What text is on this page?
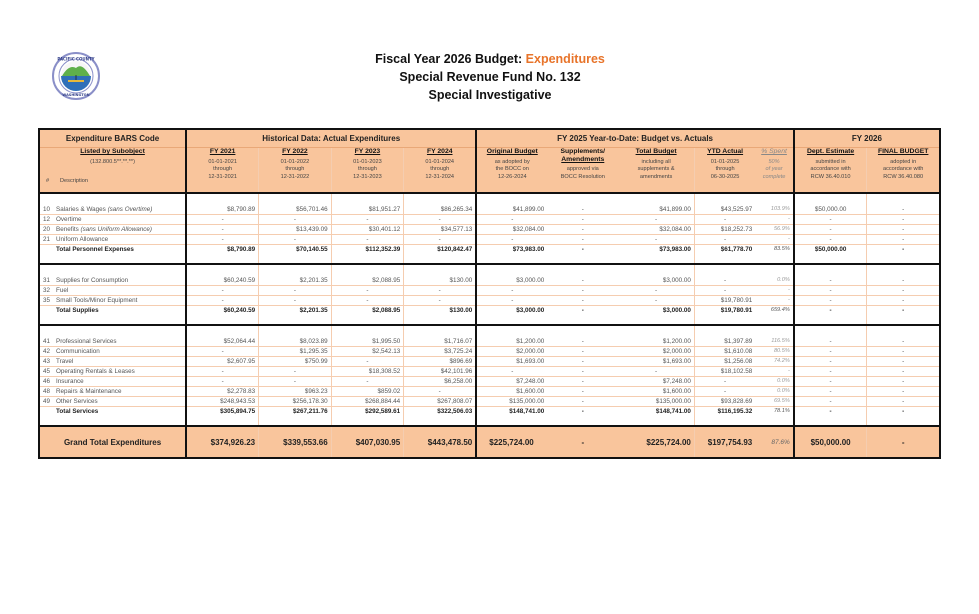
PACIFIC COUNTY
WASHINGTON
Fiscal Year 2026 Budget: Expenditures
Special Revenue Fund No. 132
Special Investigative
Expenditure BARS Code	Historical Data: Actual Expenditures				FY 2025 Year-to-Date: Budget vs. Actuals					FY 2026	

Listed by Subobject
(132.800.5**.**.**)
# Description	FY 2021
01-01-2021
through
12-31-2021	FY 2022
01-01-2022
through
12-31-2022	FY 2023
01-01-2023
through
12-31-2023	FY 2024
01-01-2024
through
12-31-2024	Original Budget
as adopted by
the BOCC on
12-26-2024	Supplements/
Amendments
approved via
BOCC Resolution	Total Budget
including all
supplements &
amendments	YTD Actual
01-01-2025
through
06-30-2025	% Spent
50%
of year
complete	Dept. Estimate
submitted in
accordance with
RCW 36.40.010	FINAL BUDGET
adopted in
accordance with
RCW 36.40.080

10 Salaries & Wages (sans Overtime)	$8,790.89	$56,701.46	$81,951.27	$86,265.34	$41,899.00	-	$41,899.00	$43,525.97	103.9%	$50,000.00	-
12 Overtime	-	-	-	-	-	-	-	-	-	-	-
20 Benefits (sans Uniform Allowance)	-	$13,439.09	$30,401.12	$34,577.13	$32,084.00	-	$32,084.00	$18,252.73	56.9%	-	-
21 Uniform Allowance	-	-	-	-	-	-	-	-	-	-	-
Total Personnel Expenses	$8,790.89	$70,140.55	$112,352.39	$120,842.47	$73,983.00	-	$73,983.00	$61,778.70	83.5%	$50,000.00	-

31 Supplies for Consumption	$60,240.59	$2,201.35	$2,088.95	$130.00	$3,000.00	-	$3,000.00	-	0.0%	-	-
32 Fuel	-	-	-	-	-	-	-	-	-	-	-
35 Small Tools/Minor Equipment	-	-	-	-	-	-	-	$19,780.91	-	-	-
Total Supplies	$60,240.59	$2,201.35	$2,088.95	$130.00	$3,000.00	-	$3,000.00	$19,780.91	659.4%	-	-

41 Professional Services	$52,064.44	$8,023.89	$1,995.50	$1,716.07	$1,200.00	-	$1,200.00	$1,397.89	116.5%	-	-
42 Communication	-	$1,295.35	$2,542.13	$3,725.24	$2,000.00	-	$2,000.00	$1,610.08	80.5%	-	-
43 Travel	$2,607.95	$750.99	-	$896.69	$1,693.00	-	$1,693.00	$1,256.08	74.2%	-	-
45 Operating Rentals & Leases	-	-	$18,308.52	$42,101.96	-	-	-	$18,102.58	-	-	-
46 Insurance	-	-	-	$6,258.00	$7,248.00	-	$7,248.00	-	0.0%	-	-
48 Repairs & Maintenance	$2,278.83	$963.23	$859.02	-	$1,600.00	-	$1,600.00	-	0.0%	-	-
49 Other Services	$248,943.53	$256,178.30	$268,884.44	$267,808.07	$135,000.00	-	$135,000.00	$93,828.69	69.5%	-	-
Total Services	$305,894.75	$267,211.76	$292,589.61	$322,506.03	$148,741.00	-	$148,741.00	$116,195.32	78.1%	-	-

Grand Total Expenditures	$374,926.23	$339,553.66	$407,030.95	$443,478.50	$225,724.00	-	$225,724.00	$197,754.93	87.6%	$50,000.00	-
